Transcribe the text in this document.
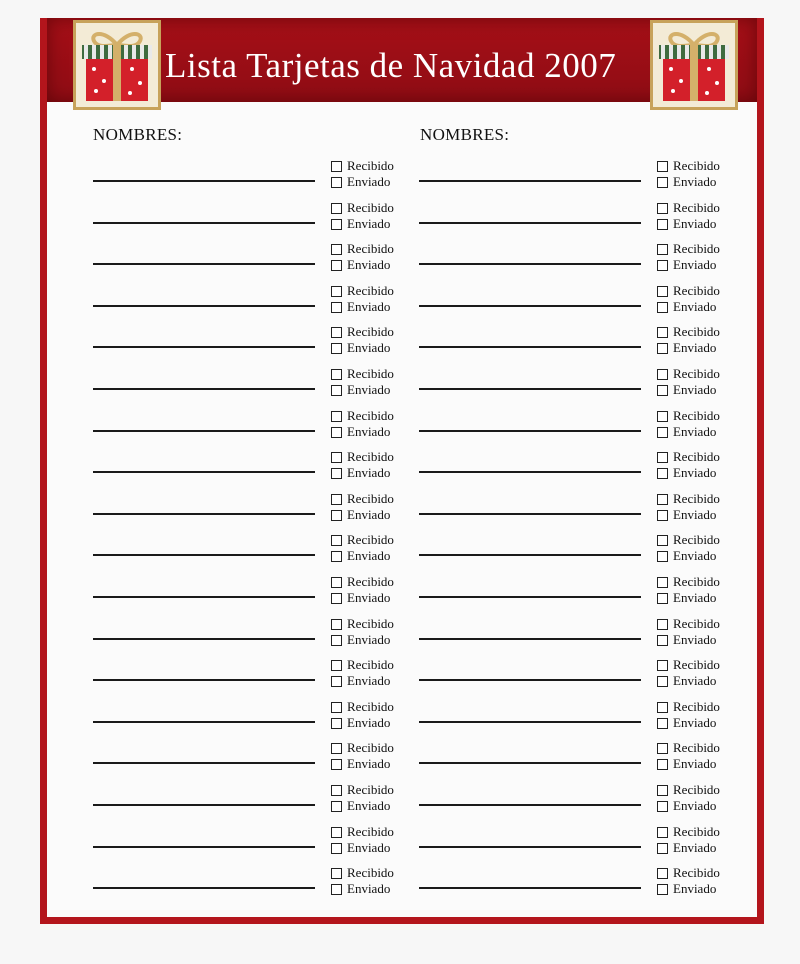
Lista Tarjetas de Navidad 2007
NOMBRES:	NOMBRES:
Recibido
Enviado
Recibido
Enviado
Recibido
Enviado
Recibido
Enviado
Recibido
Enviado
Recibido
Enviado
Recibido
Enviado
Recibido
Enviado
Recibido
Enviado
Recibido
Enviado
Recibido
Enviado
Recibido
Enviado
Recibido
Enviado
Recibido
Enviado
Recibido
Enviado
Recibido
Enviado
Recibido
Enviado
Recibido
Enviado
Recibido
Enviado
Recibido
Enviado
Recibido
Enviado
Recibido
Enviado
Recibido
Enviado
Recibido
Enviado
Recibido
Enviado
Recibido
Enviado
Recibido
Enviado
Recibido
Enviado
Recibido
Enviado
Recibido
Enviado
Recibido
Enviado
Recibido
Enviado
Recibido
Enviado
Recibido
Enviado
Recibido
Enviado
Recibido
Enviado
